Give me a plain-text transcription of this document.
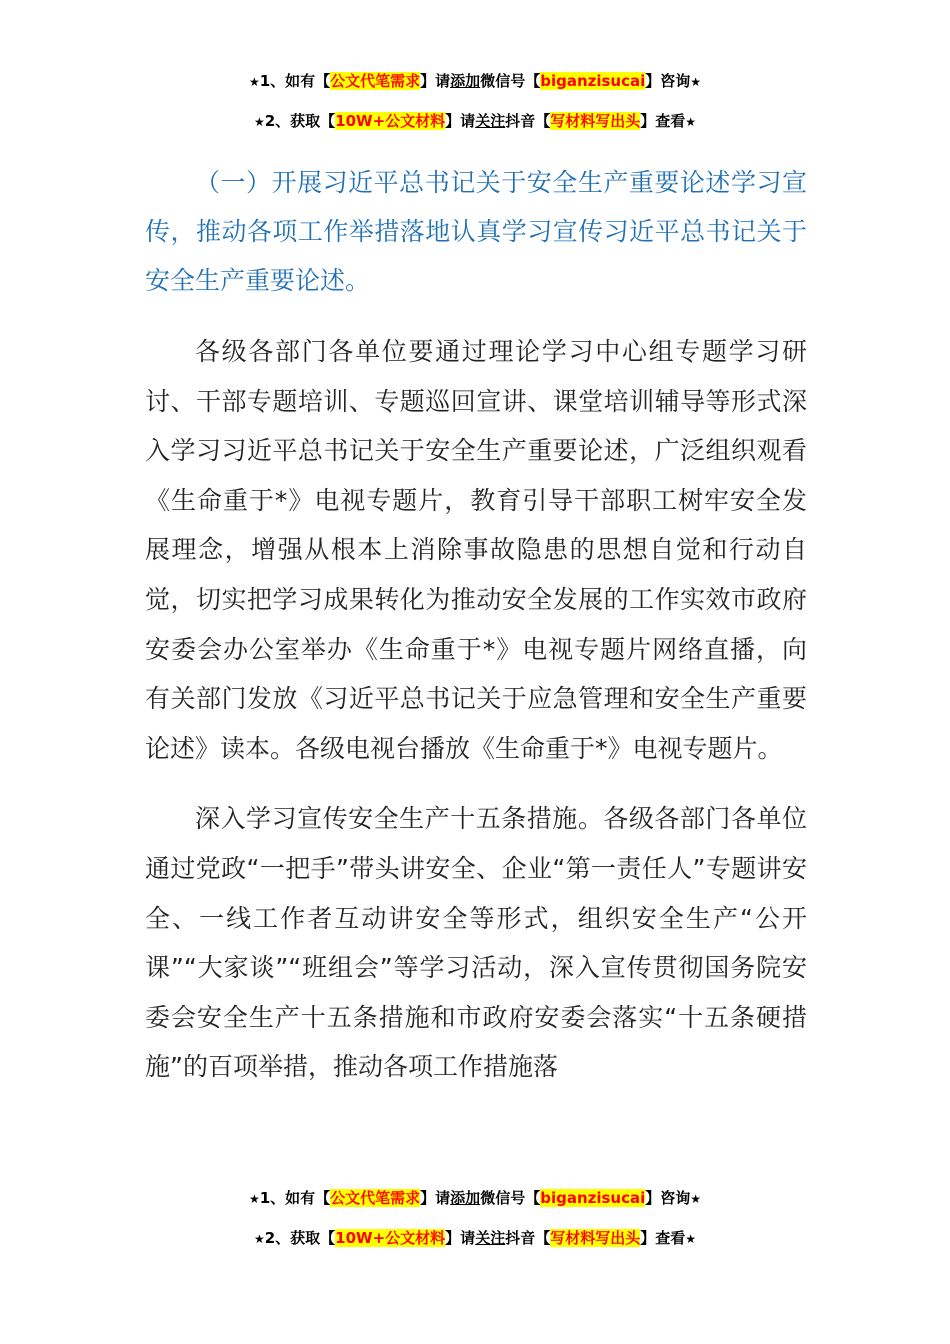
★1、如有【公文代笔需求】请添加微信号【biganzisucai】咨询★
★2、获取【10W+公文材料】请关注抖音【写材料写出头】查看★

（一）开展习近平总书记关于安全生产重要论述学习宣传，推动各项工作举措落地认真学习宣传习近平总书记关于安全生产重要论述。

各级各部门各单位要通过理论学习中心组专题学习研讨、干部专题培训、专题巡回宣讲、课堂培训辅导等形式深入学习习近平总书记关于安全生产重要论述，广泛组织观看《生命重于*》电视专题片，教育引导干部职工树牢安全发展理念，增强从根本上消除事故隐患的思想自觉和行动自觉，切实把学习成果转化为推动安全发展的工作实效市政府安委会办公室举办《生命重于*》电视专题片网络直播，向有关部门发放《习近平总书记关于应急管理和安全生产重要论述》读本。各级电视台播放《生命重于*》电视专题片。

深入学习宣传安全生产十五条措施。各级各部门各单位通过党政“一把手”带头讲安全、企业“第一责任人”专题讲安全、一线工作者互动讲安全等形式，组织安全生产“公开课”“大家谈”“班组会”等学习活动，深入宣传贯彻国务院安委会安全生产十五条措施和市政府安委会落实“十五条硬措施”的百项举措，推动各项工作措施落

★1、如有【公文代笔需求】请添加微信号【biganzisucai】咨询★
★2、获取【10W+公文材料】请关注抖音【写材料写出头】查看★
